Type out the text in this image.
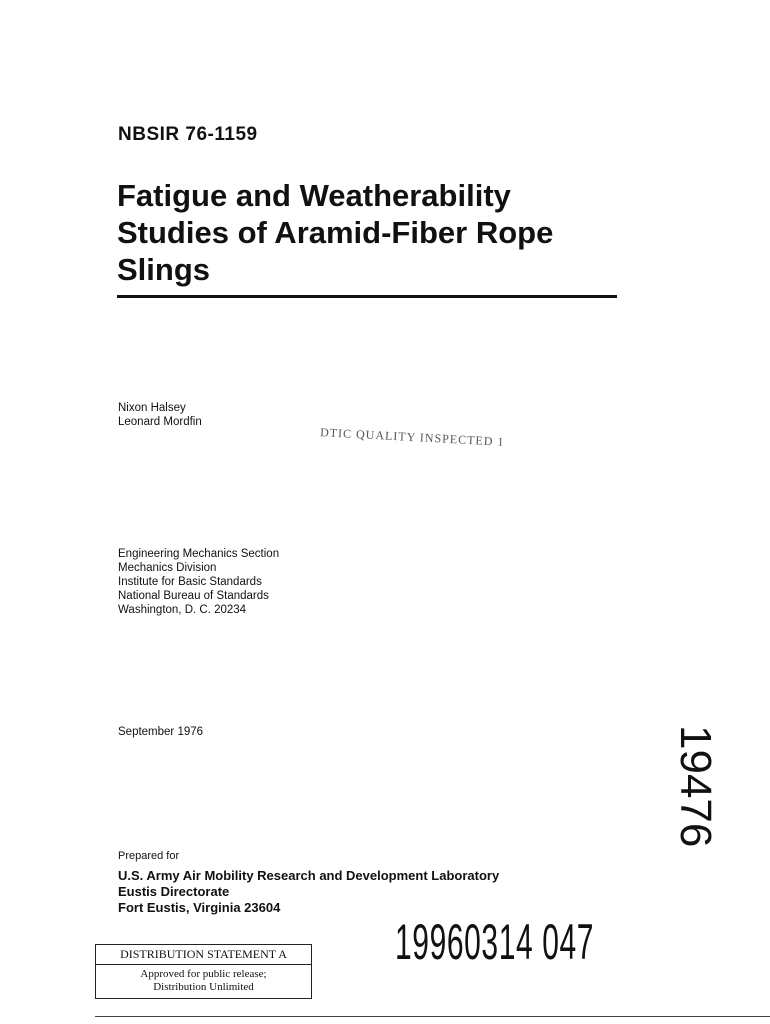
NBSIR 76-1159
Fatigue and Weatherability
Studies of Aramid-Fiber Rope
Slings
Nixon Halsey
Leonard Mordfin
DTIC QUALITY INSPECTED 1
Engineering Mechanics Section
Mechanics Division
Institute for Basic Standards
National Bureau of Standards
Washington, D. C. 20234
September 1976
Prepared for
U.S. Army Air Mobility Research and Development Laboratory
Eustis Directorate
Fort Eustis, Virginia 23604
19960314 047
DISTRIBUTION STATEMENT A
Approved for public release;
Distribution Unlimited
19476
